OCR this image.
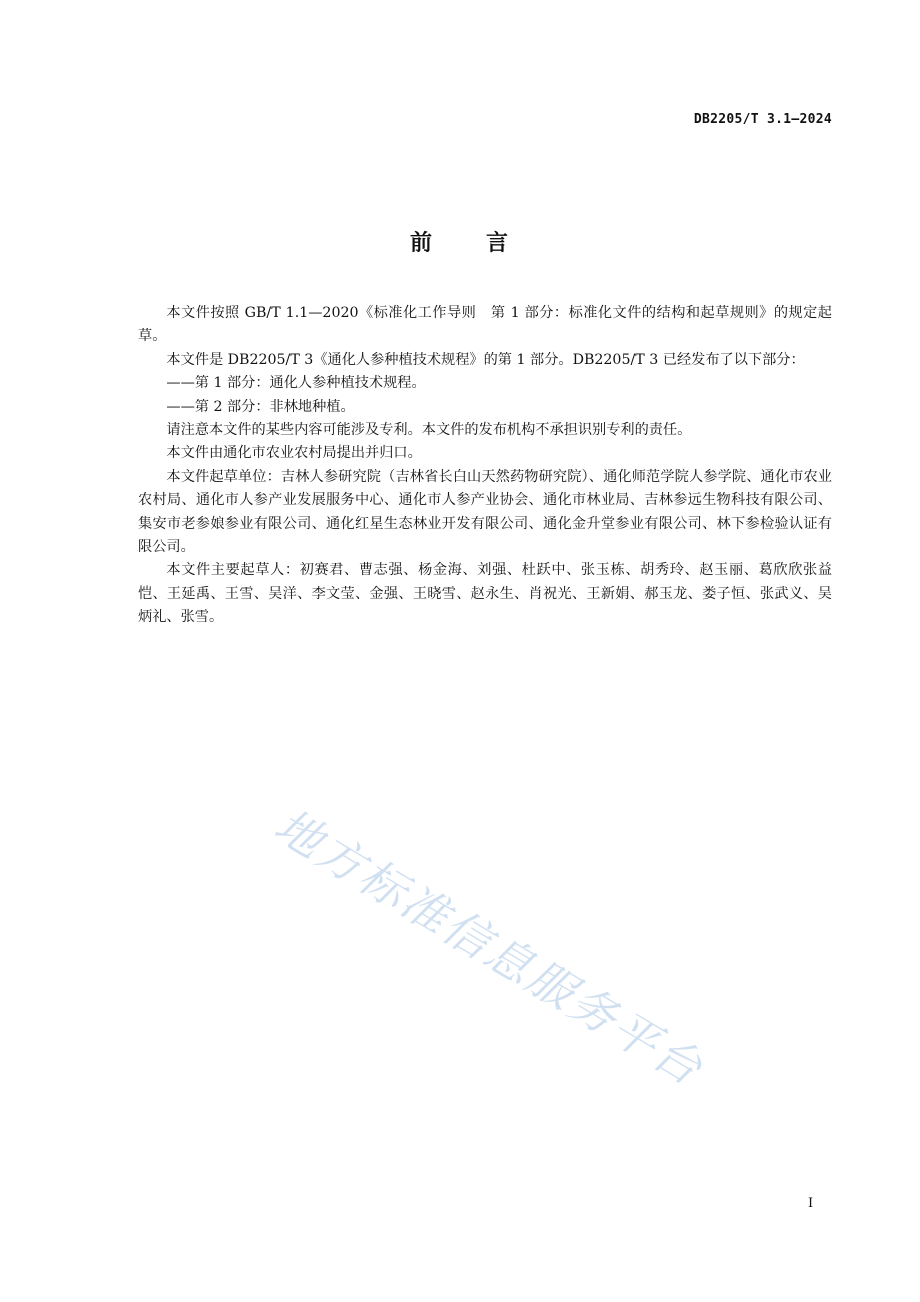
DB2205/T 3.1—2024
前 言

本文件按照 GB/T 1.1—2020《标准化工作导则　第 1 部分：标准化文件的结构和起草规则》的规定起草。

本文件是 DB2205/T 3《通化人参种植技术规程》的第 1 部分。DB2205/T 3 已经发布了以下部分：

——第 1 部分：通化人参种植技术规程。

——第 2 部分：非林地种植。

请注意本文件的某些内容可能涉及专利。本文件的发布机构不承担识别专利的责任。

本文件由通化市农业农村局提出并归口。

本文件起草单位：吉林人参研究院（吉林省长白山天然药物研究院）、通化师范学院人参学院、通化市农业农村局、通化市人参产业发展服务中心、通化市人参产业协会、通化市林业局、吉林参远生物科技有限公司、集安市老参娘参业有限公司、通化红星生态林业开发有限公司、通化金升堂参业有限公司、林下参检验认证有限公司。

本文件主要起草人：初赛君、曹志强、杨金海、刘强、杜跃中、张玉栋、胡秀玲、赵玉丽、葛欣欣张益恺、王延禹、王雪、吴洋、李文莹、金强、王晓雪、赵永生、肖祝光、王新娟、郝玉龙、娄子恒、张武义、吴炳礼、张雪。

地方标准信息服务平台
I
